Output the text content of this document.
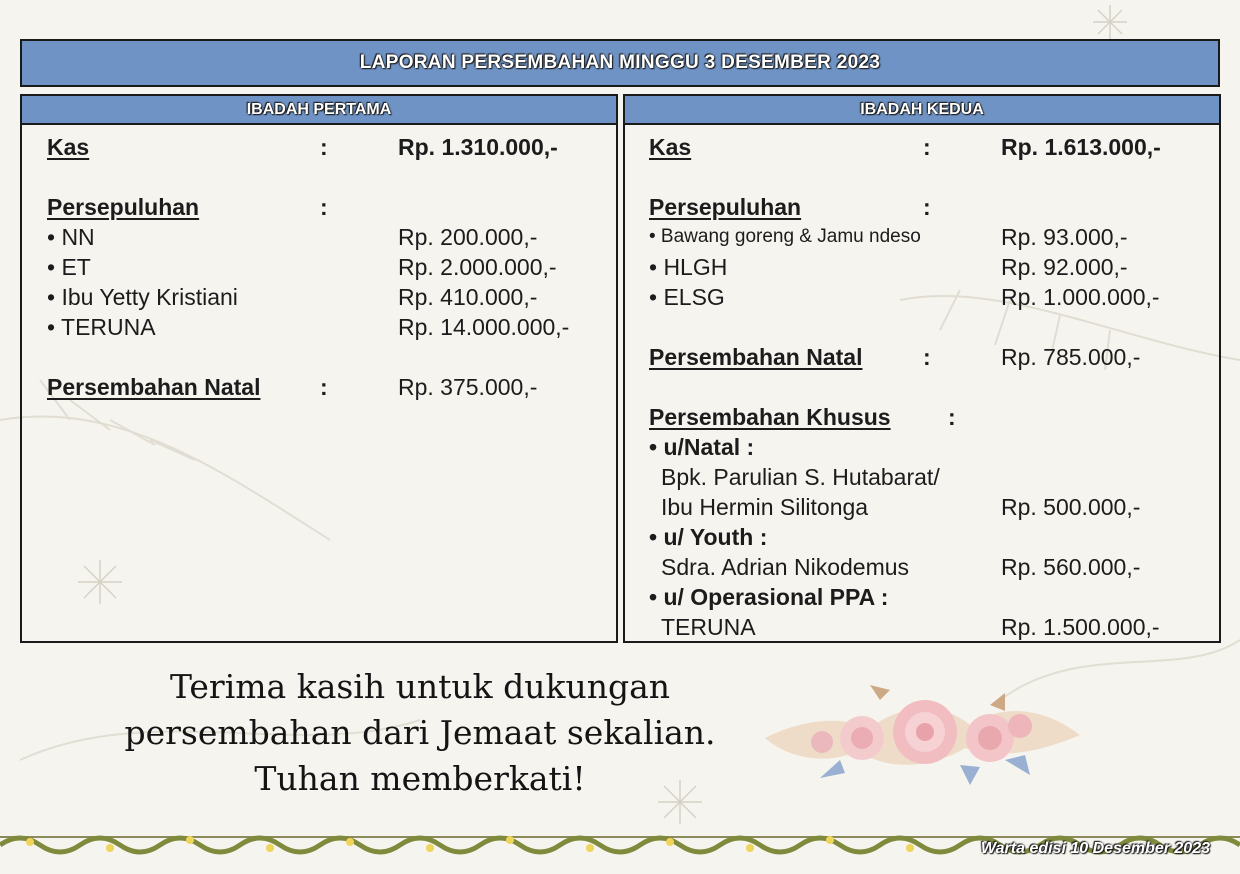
LAPORAN PERSEMBAHAN MINGGU 3 DESEMBER 2023
IBADAH PERTAMA
Kas	:	Rp. 1.310.000,-
Persepuluhan	:
• NN	Rp. 200.000,-
• ET	Rp. 2.000.000,-
• Ibu Yetty Kristiani	Rp. 410.000,-
• TERUNA	Rp. 14.000.000,-
Persembahan Natal	:	Rp. 375.000,-
IBADAH KEDUA
Kas	:	Rp. 1.613.000,-
Persepuluhan	:
• Bawang goreng & Jamu ndeso	Rp. 93.000,-
• HLGH	Rp. 92.000,-
• ELSG	Rp. 1.000.000,-
Persembahan Natal	:	Rp. 785.000,-
Persembahan Khusus :
• u/Natal :
Bpk. Parulian S. Hutabarat/
Ibu Hermin Silitonga	Rp. 500.000,-
• u/ Youth :
Sdra. Adrian Nikodemus	Rp. 560.000,-
• u/ Operasional PPA :
TERUNA	Rp. 1.500.000,-
Terima kasih untuk dukungan
persembahan dari Jemaat sekalian.
Tuhan memberkati!
Warta edisi 10 Desember 2023
